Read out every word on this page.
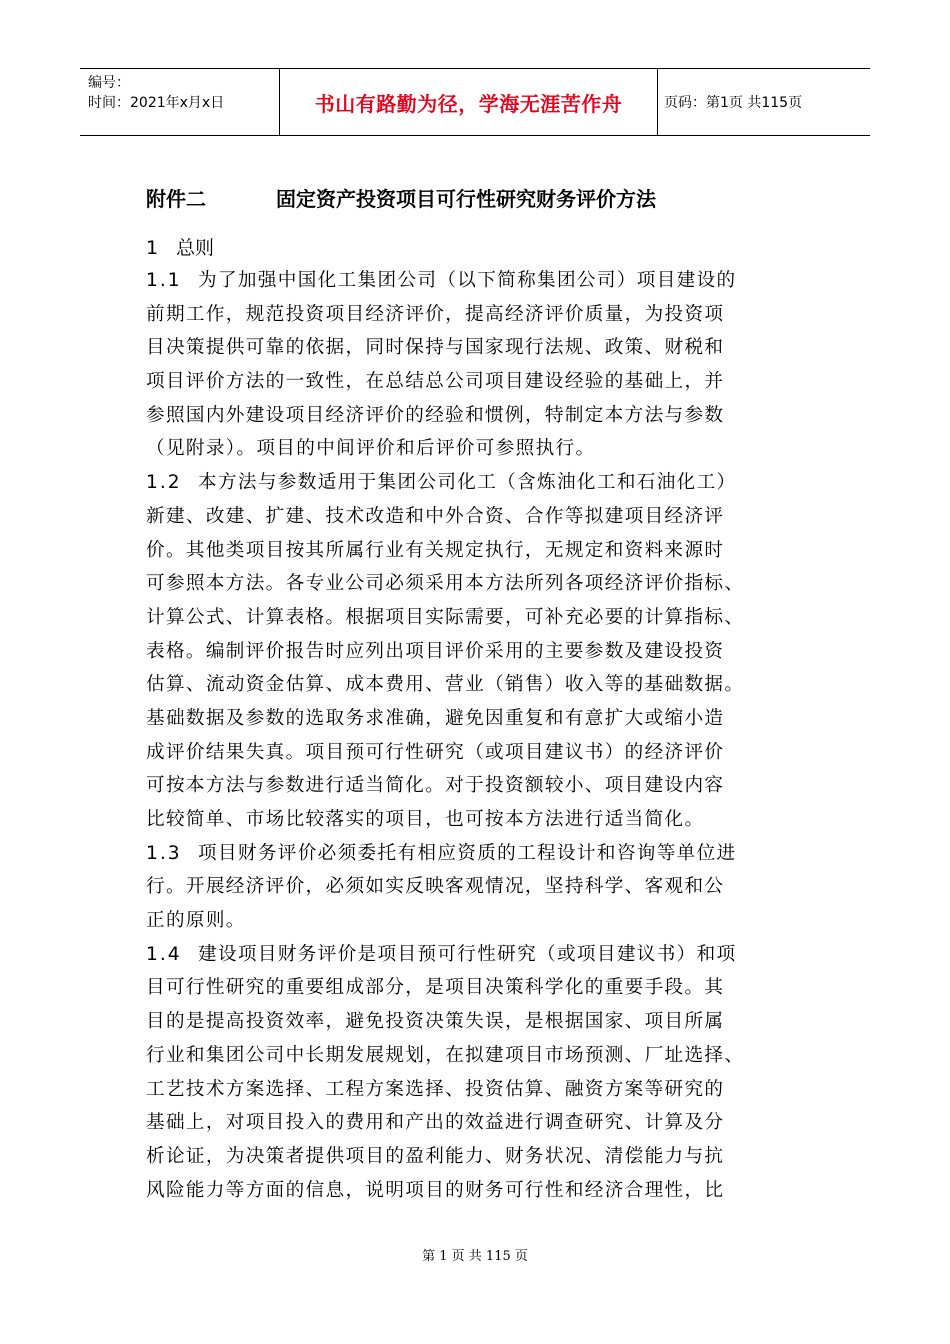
编号：
时间：2021年x月x日	书山有路勤为径，学海无涯苦作舟	页码：第1页 共115页
附件二	固定资产投资项目可行性研究财务评价方法
1 总则
1.1 为了加强中国化工集团公司（以下简称集团公司）项目建设的
前期工作，规范投资项目经济评价，提高经济评价质量，为投资项
目决策提供可靠的依据，同时保持与国家现行法规、政策、财税和
项目评价方法的一致性，在总结总公司项目建设经验的基础上，并
参照国内外建设项目经济评价的经验和惯例，特制定本方法与参数
（见附录）。项目的中间评价和后评价可参照执行。
1.2 本方法与参数适用于集团公司化工（含炼油化工和石油化工）
新建、改建、扩建、技术改造和中外合资、合作等拟建项目经济评
价。其他类项目按其所属行业有关规定执行，无规定和资料来源时
可参照本方法。各专业公司必须采用本方法所列各项经济评价指标、
计算公式、计算表格。根据项目实际需要，可补充必要的计算指标、
表格。编制评价报告时应列出项目评价采用的主要参数及建设投资
估算、流动资金估算、成本费用、营业（销售）收入等的基础数据。
基础数据及参数的选取务求准确，避免因重复和有意扩大或缩小造
成评价结果失真。项目预可行性研究（或项目建议书）的经济评价
可按本方法与参数进行适当简化。对于投资额较小、项目建设内容
比较简单、市场比较落实的项目，也可按本方法进行适当简化。
1.3 项目财务评价必须委托有相应资质的工程设计和咨询等单位进
行。开展经济评价，必须如实反映客观情况，坚持科学、客观和公
正的原则。
1.4 建设项目财务评价是项目预可行性研究（或项目建议书）和项
目可行性研究的重要组成部分，是项目决策科学化的重要手段。其
目的是提高投资效率，避免投资决策失误，是根据国家、项目所属
行业和集团公司中长期发展规划，在拟建项目市场预测、厂址选择、
工艺技术方案选择、工程方案选择、投资估算、融资方案等研究的
基础上，对项目投入的费用和产出的效益进行调查研究、计算及分
析论证，为决策者提供项目的盈利能力、财务状况、清偿能力与抗
风险能力等方面的信息，说明项目的财务可行性和经济合理性，比
第 1 页 共 115 页
